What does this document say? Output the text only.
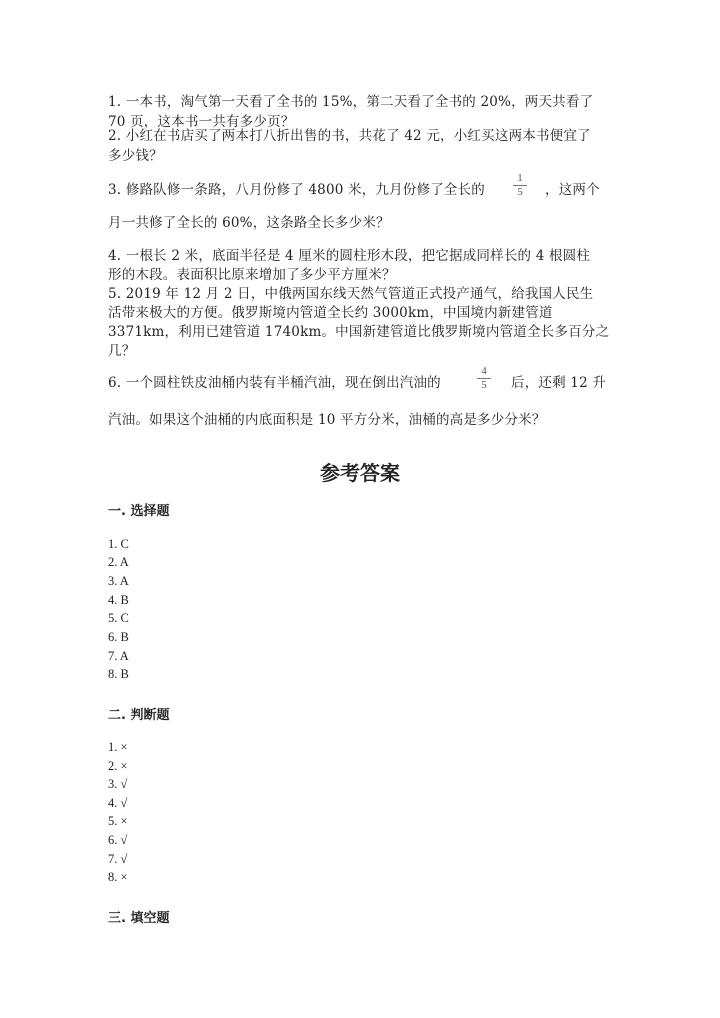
1. 一本书，淘气第一天看了全书的 15%，第二天看了全书的 20%，两天共看了
70 页，这本书一共有多少页？
2. 小红在书店买了两本打八折出售的书，共花了 42 元，小红买这两本书便宜了
多少钱？
3. 修路队修一条路，八月份修了 4800 米，九月份修了全长的	$\frac{1}{5}$ ，这两个
月一共修了全长的 60%，这条路全长多少米？
4. 一根长 2 米，底面半径是 4 厘米的圆柱形木段，把它据成同样长的 4 根圆柱
形的木段。表面积比原来增加了多少平方厘米？
5. 2019 年 12 月 2 日，中俄两国东线天然气管道正式投产通气，给我国人民生
活带来极大的方便。俄罗斯境内管道全长约 3000km，中国境内新建管道
3371km，利用已建管道 1740km。中国新建管道比俄罗斯境内管道全长多百分之
几？
6. 一个圆柱铁皮油桶内装有半桶汽油，现在倒出汽油的	$\frac{4}{5}$ 后，还剩 12 升
汽油。如果这个油桶的内底面积是 10 平方分米，油桶的高是多少分米？
参考答案
一. 选择题
1. C
2. A
3. A
4. B
5. C
6. B
7. A
8. B
二. 判断题
1. ×
2. ×
3. √
4. √
5. ×
6. √
7. √
8. ×
三. 填空题
